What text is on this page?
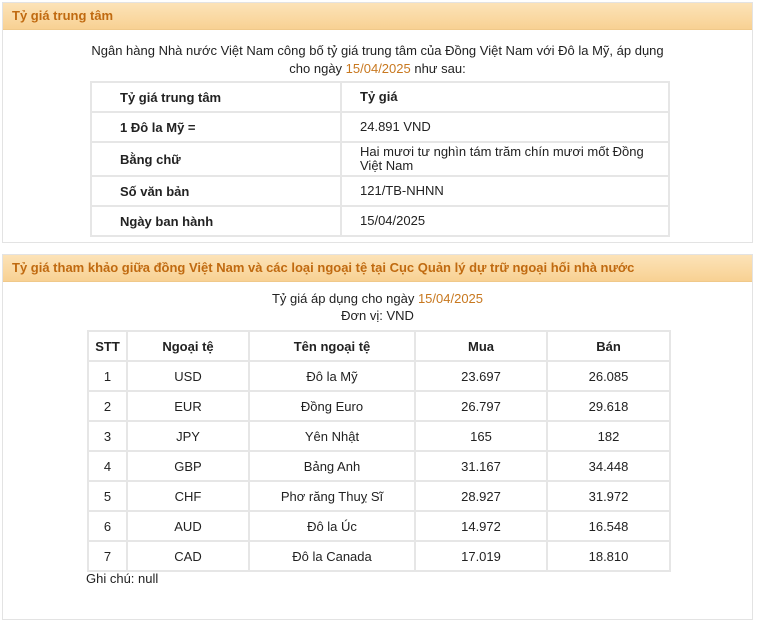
Tỷ giá trung tâm
Ngân hàng Nhà nước Việt Nam công bố tỷ giá trung tâm của Đồng Việt Nam với Đô la Mỹ, áp dụng
cho ngày 15/04/2025 như sau:
Tỷ giá trung tâm	Tỷ giá
1 Đô la Mỹ =	24.891 VND
Bằng chữ	Hai mươi tư nghìn tám trăm chín mươi mốt Đồng Việt Nam
Số văn bản	121/TB-NHNN
Ngày ban hành	15/04/2025
Tỷ giá tham khảo giữa đồng Việt Nam và các loại ngoại tệ tại Cục Quản lý dự trữ ngoại hối nhà nước
Tỷ giá áp dụng cho ngày 15/04/2025
Đơn vị: VND
STT	Ngoại tệ	Tên ngoại tệ	Mua	Bán
1	USD	Đô la Mỹ	23.697	26.085
2	EUR	Đồng Euro	26.797	29.618
3	JPY	Yên Nhật	165	182
4	GBP	Bảng Anh	31.167	34.448
5	CHF	Phơ răng Thuỵ Sĩ	28.927	31.972
6	AUD	Đô la Úc	14.972	16.548
7	CAD	Đô la Canada	17.019	18.810
Ghi chú: null
